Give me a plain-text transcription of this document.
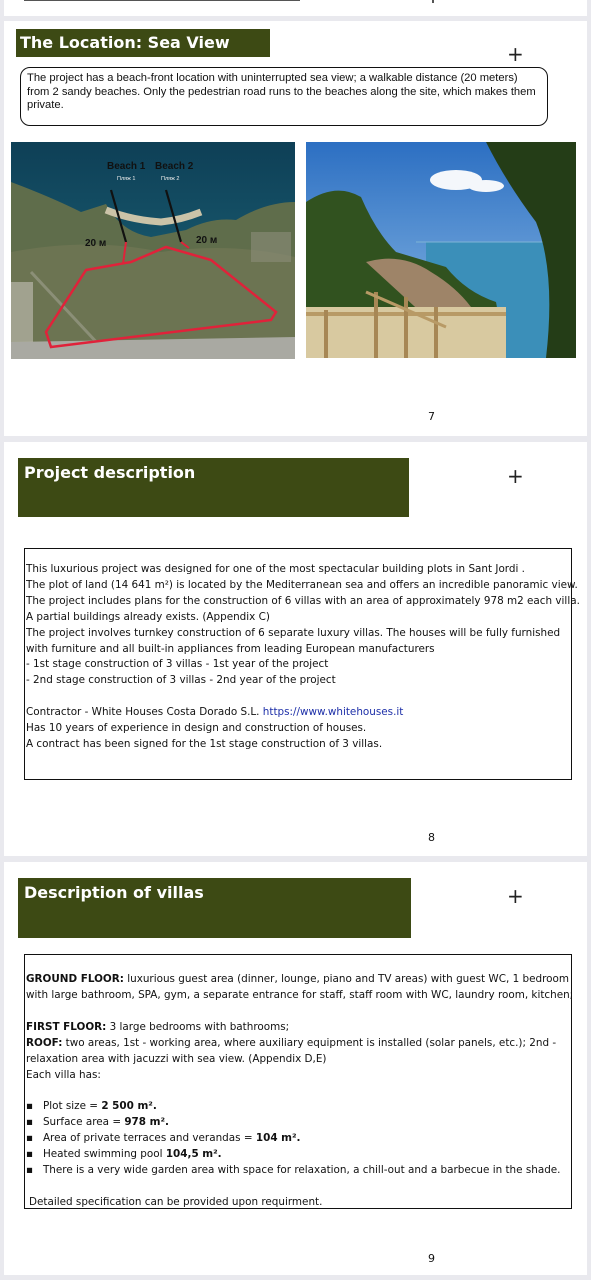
The Location: Sea View	+
The project has a beach-front location with uninterrupted sea view; a walkable distance (20 meters) from 2 sandy beaches. Only the pedestrian road runs to the beaches along the site, which makes them private.
Beach 1 Beach 2
Пляж 1	Пляж 2
20 м	20 м
7
Project description	+

This luxurious project was designed for one of the most spectacular building plots in Sant Jordi .

The plot of land (14 641 m²) is located by the Mediterranean sea and offers an incredible panoramic view.

The project includes plans for the construction of 6 villas with an area of approximately 978 m2 each villa.

A partial buildings already exists. (Appendix C)

The project involves turnkey construction of 6 separate luxury villas. The houses will be fully furnished

with furniture and all built-in appliances from leading European manufacturers

- 1st stage construction of 3 villas - 1st year of the project

- 2nd stage construction of 3 villas - 2nd year of the project

Contractor - White Houses Costa Dorado S.L. https://www.whitehouses.it

Has 10 years of experience in design and construction of houses.

A contract has been signed for the 1st stage construction of 3 villas.

8
Description of villas	+

GROUND FLOOR: luxurious guest area (dinner, lounge, piano and TV areas) with guest WC, 1 bedroom

with large bathroom, SPA, gym, a separate entrance for staff, staff room with WC, laundry room, kitchen;

FIRST FLOOR: 3 large bedrooms with bathrooms;

ROOF: two areas, 1st - working area, where auxiliary equipment is installed (solar panels, etc.); 2nd -

relaxation area with jacuzzi with sea view. (Appendix D,E)

Each villa has:

▪   Plot size = 2 500 m².

▪   Surface area = 978 m².

▪   Area of private terraces and verandas = 104 m².

▪   Heated swimming pool 104,5 m².

▪   There is a very wide garden area with space for relaxation, a chill-out and a barbecue in the shade.

Detailed specification can be provided upon requirment.

9
